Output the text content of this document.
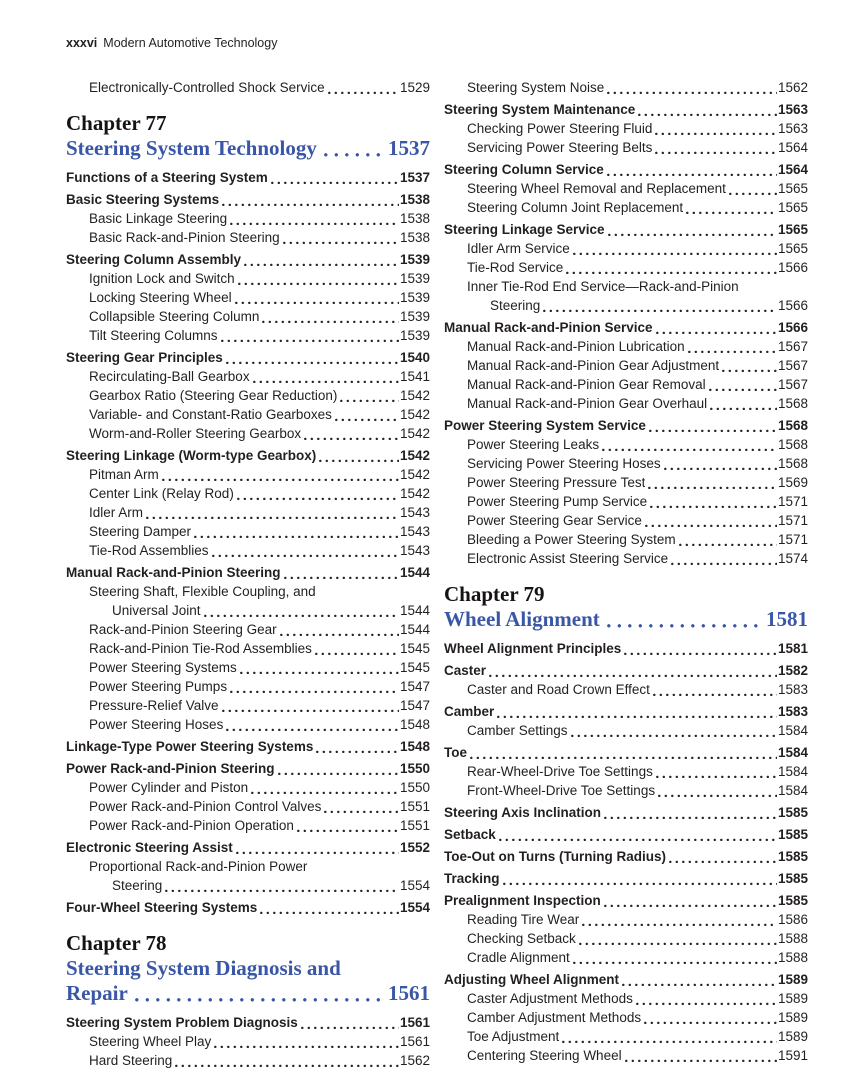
xxxvi Modern Automotive Technology
Electronically-Controlled Shock Service	1529
Chapter 77
Steering System Technology	1537
Functions of a Steering System	1537
Basic Steering Systems	1538
Basic Linkage Steering	1538
Basic Rack-and-Pinion Steering	1538
Steering Column Assembly	1539
Ignition Lock and Switch	1539
Locking Steering Wheel	1539
Collapsible Steering Column	1539
Tilt Steering Columns	1539
Steering Gear Principles	1540
Recirculating-Ball Gearbox	1541
Gearbox Ratio (Steering Gear Reduction)	1542
Variable- and Constant-Ratio Gearboxes	1542
Worm-and-Roller Steering Gearbox	1542
Steering Linkage (Worm-type Gearbox)	1542
Pitman Arm	1542
Center Link (Relay Rod)	1542
Idler Arm	1543
Steering Damper	1543
Tie-Rod Assemblies	1543
Manual Rack-and-Pinion Steering	1544
Steering Shaft, Flexible Coupling, and
Universal Joint	1544
Rack-and-Pinion Steering Gear	1544
Rack-and-Pinion Tie-Rod Assemblies	1545
Power Steering Systems	1545
Power Steering Pumps	1547
Pressure-Relief Valve	1547
Power Steering Hoses	1548
Linkage-Type Power Steering Systems	1548
Power Rack-and-Pinion Steering	1550
Power Cylinder and Piston	1550
Power Rack-and-Pinion Control Valves	1551
Power Rack-and-Pinion Operation	1551
Electronic Steering Assist	1552
Proportional Rack-and-Pinion Power
Steering	1554
Four-Wheel Steering Systems	1554
Chapter 78
Steering System Diagnosis and
Repair	1561
Steering System Problem Diagnosis	1561
Steering Wheel Play	1561
Hard Steering	1562
Steering System Noise	1562
Steering System Maintenance	1563
Checking Power Steering Fluid	1563
Servicing Power Steering Belts	1564
Steering Column Service	1564
Steering Wheel Removal and Replacement	1565
Steering Column Joint Replacement	1565
Steering Linkage Service	1565
Idler Arm Service	1565
Tie-Rod Service	1566
Inner Tie-Rod End Service—Rack-and-Pinion
Steering	1566
Manual Rack-and-Pinion Service	1566
Manual Rack-and-Pinion Lubrication	1567
Manual Rack-and-Pinion Gear Adjustment	1567
Manual Rack-and-Pinion Gear Removal	1567
Manual Rack-and-Pinion Gear Overhaul	1568
Power Steering System Service	1568
Power Steering Leaks	1568
Servicing Power Steering Hoses	1568
Power Steering Pressure Test	1569
Power Steering Pump Service	1571
Power Steering Gear Service	1571
Bleeding a Power Steering System	1571
Electronic Assist Steering Service	1574
Chapter 79
Wheel Alignment	1581
Wheel Alignment Principles	1581
Caster	1582
Caster and Road Crown Effect	1583
Camber	1583
Camber Settings	1584
Toe	1584
Rear-Wheel-Drive Toe Settings	1584
Front-Wheel-Drive Toe Settings	1584
Steering Axis Inclination	1585
Setback	1585
Toe-Out on Turns (Turning Radius)	1585
Tracking	1585
Prealignment Inspection	1585
Reading Tire Wear	1586
Checking Setback	1588
Cradle Alignment	1588
Adjusting Wheel Alignment	1589
Caster Adjustment Methods	1589
Camber Adjustment Methods	1589
Toe Adjustment	1589
Centering Steering Wheel	1591
